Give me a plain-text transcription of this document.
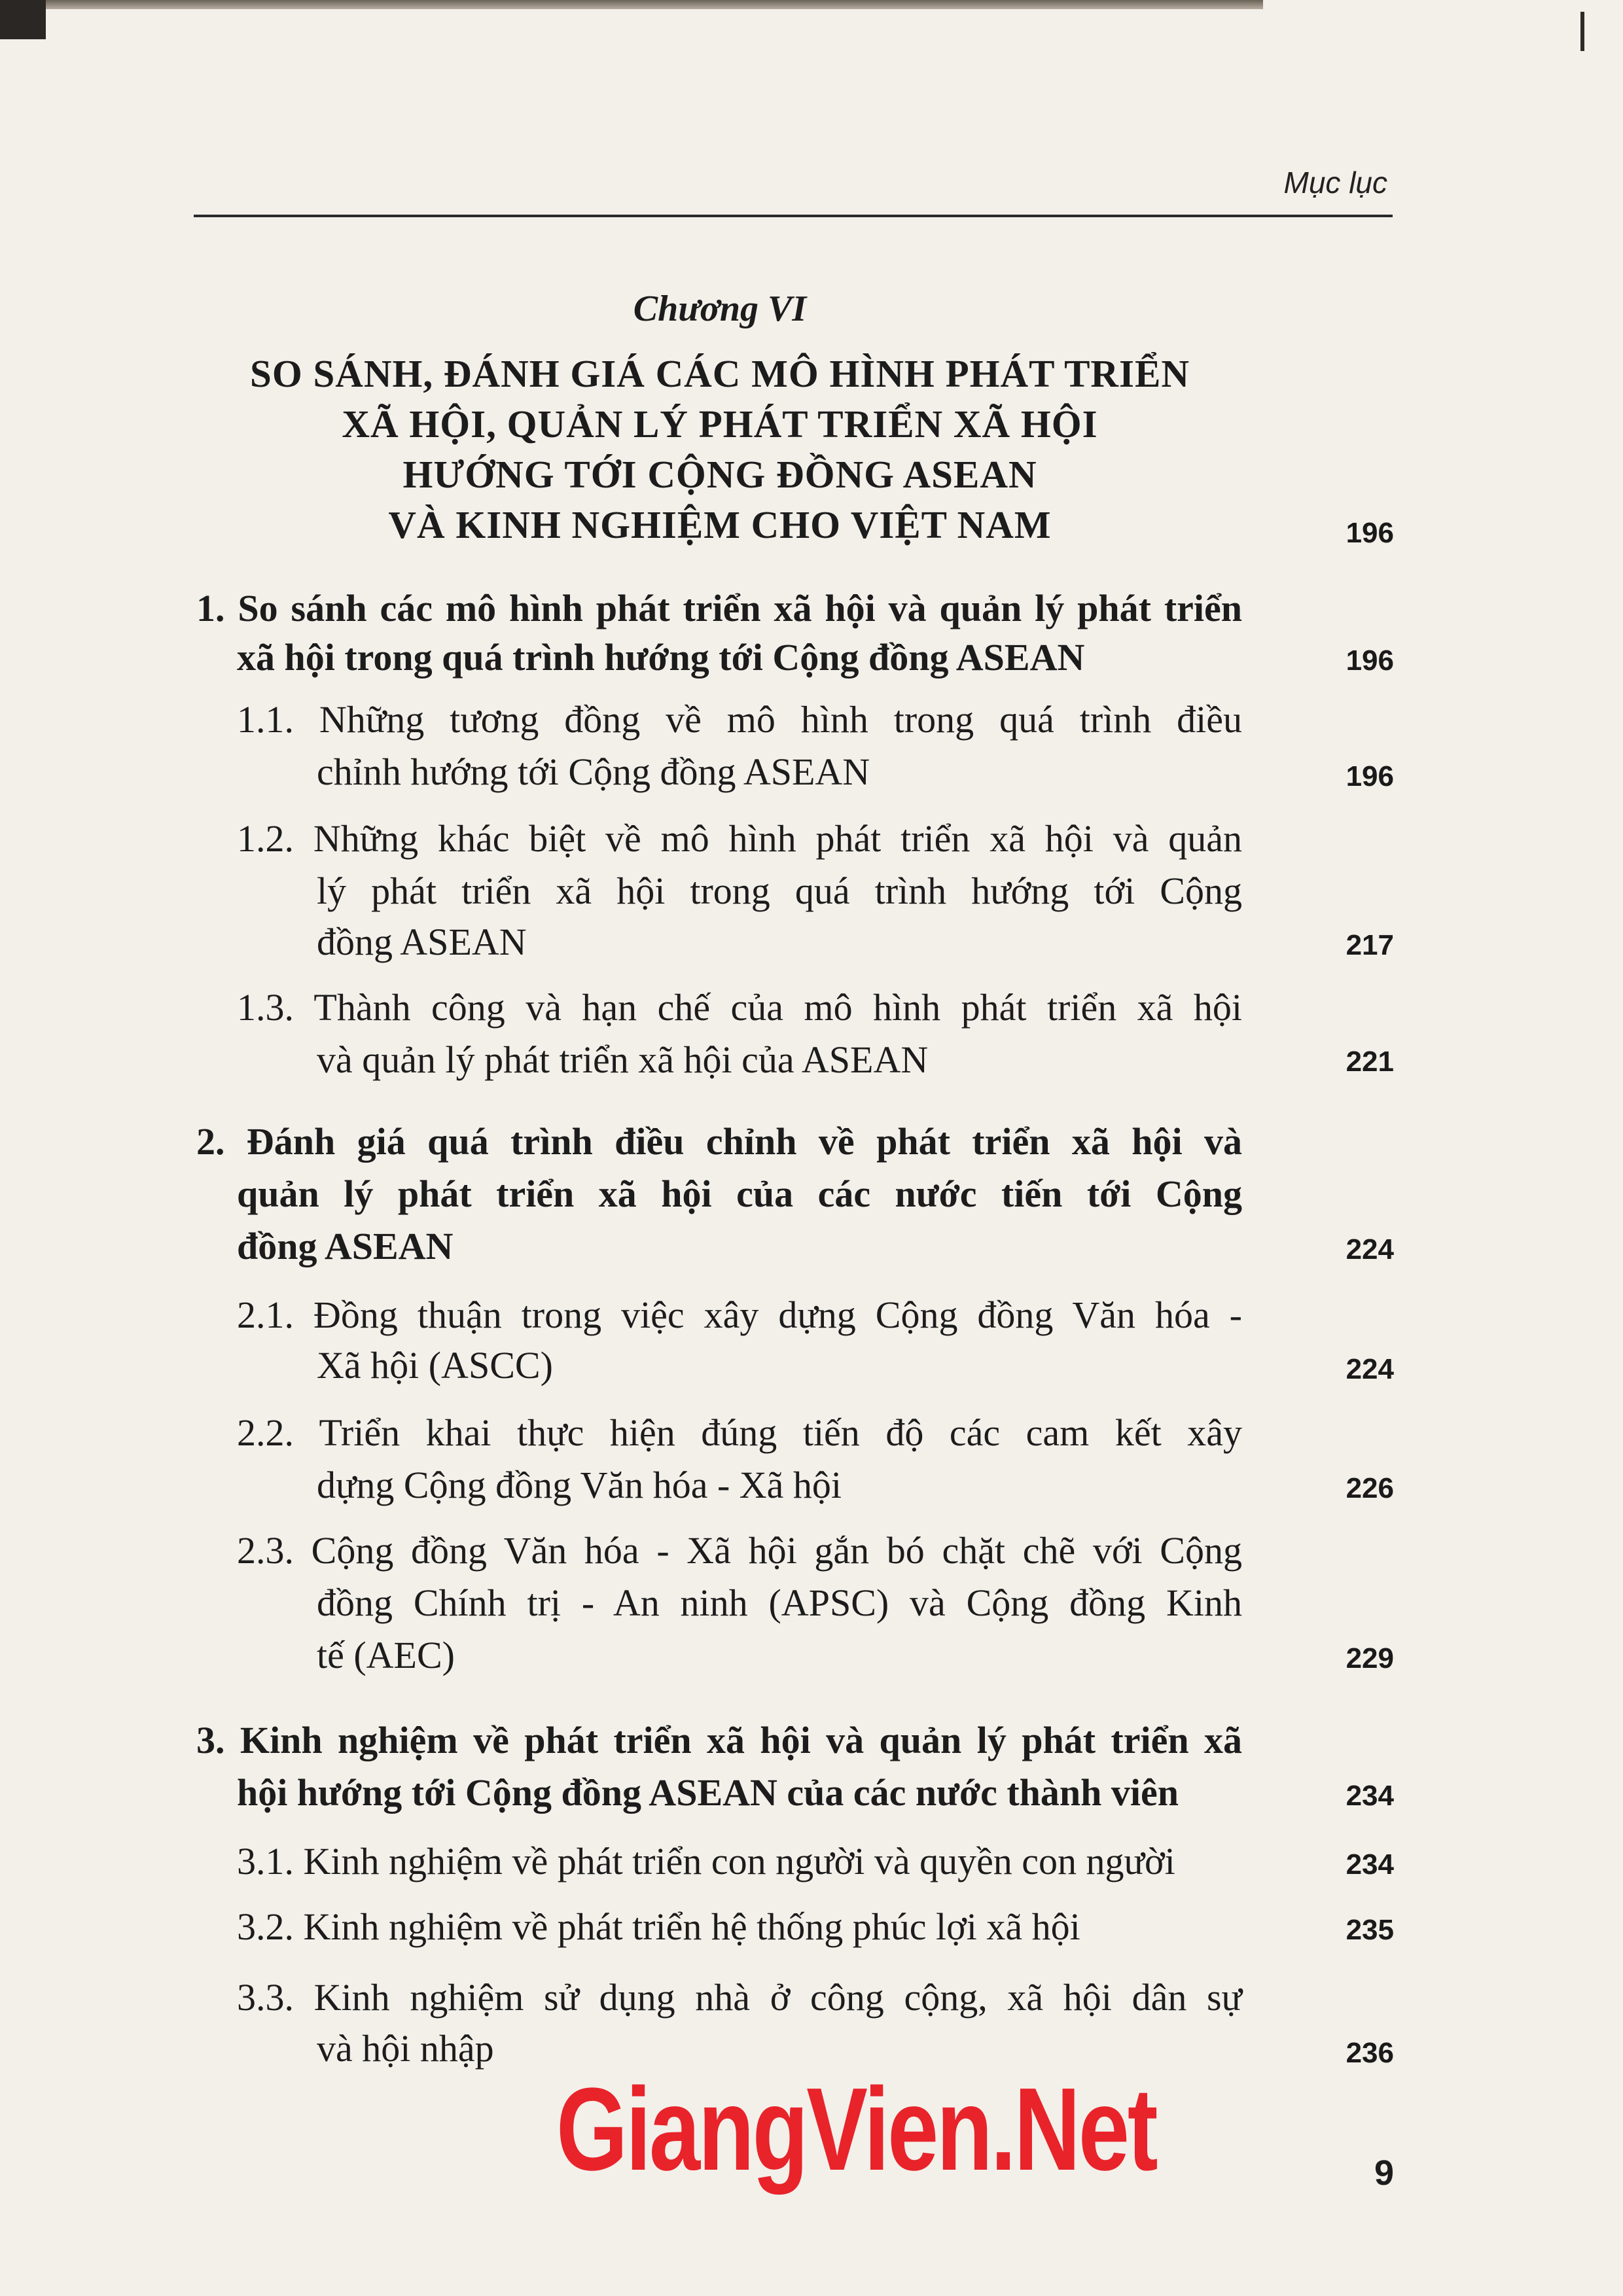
Mục lục
Chương VI
SO SÁNH, ĐÁNH GIÁ CÁC MÔ HÌNH PHÁT TRIỂN
XÃ HỘI, QUẢN LÝ PHÁT TRIỂN XÃ HỘI
HƯỚNG TỚI CỘNG ĐỒNG ASEAN
VÀ KINH NGHIỆM CHO VIỆT NAM	196
1. So sánh các mô hình phát triển xã hội và quản lý phát triển
xã hội trong quá trình hướng tới Cộng đồng ASEAN	196
1.1. Những tương đồng về mô hình trong quá trình điều
chỉnh hướng tới Cộng đồng ASEAN	196
1.2. Những khác biệt về mô hình phát triển xã hội và quản
lý phát triển xã hội trong quá trình hướng tới Cộng
đồng ASEAN	217
1.3. Thành công và hạn chế của mô hình phát triển xã hội
và quản lý phát triển xã hội của ASEAN	221
2. Đánh giá quá trình điều chỉnh về phát triển xã hội và
quản lý phát triển xã hội của các nước tiến tới Cộng
đồng ASEAN	224
2.1. Đồng thuận trong việc xây dựng Cộng đồng Văn hóa -
Xã hội (ASCC)	224
2.2. Triển khai thực hiện đúng tiến độ các cam kết xây
dựng Cộng đồng Văn hóa - Xã hội	226
2.3. Cộng đồng Văn hóa - Xã hội gắn bó chặt chẽ với Cộng
đồng Chính trị - An ninh (APSC) và Cộng đồng Kinh
tế (AEC)	229
3. Kinh nghiệm về phát triển xã hội và quản lý phát triển xã
hội hướng tới Cộng đồng ASEAN của các nước thành viên	234
3.1. Kinh nghiệm về phát triển con người và quyền con người	234
3.2. Kinh nghiệm về phát triển hệ thống phúc lợi xã hội	235
3.3. Kinh nghiệm sử dụng nhà ở công cộng, xã hội dân sự
và hội nhập	236
GiangVien.Net	9
